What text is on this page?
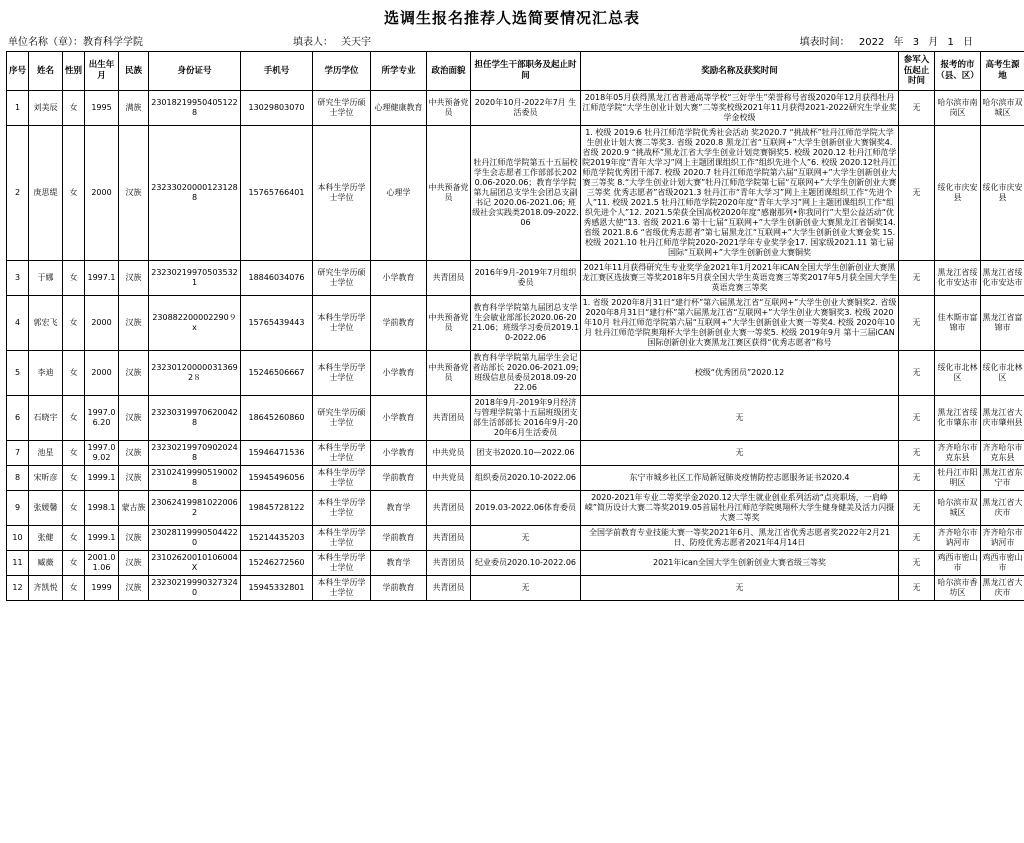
选调生报名推荐人选简要情况汇总表
单位名称（章）： 教育科学学院	填表人： 关天宇	填表时间： 2022 年 3 月 1 日
序号	姓名	性别	出生年月	民族	身份证号	手机号	学历学位	所学专业	政治面貌	担任学生干部职务及起止时间	奖励名称及获奖时间	参军入伍起止时间	报考的市（县、区）	高考生源地
1	刘美辰	女	1995	满族	230182199504051228	13029803070	研究生学历硕士学位	心理健康教育	中共预备党员	2020年10月-2022年7月 生活委员	2018年05月获得黑龙江省普通高等学校“三好学生”荣誉称号省级2020年12月获得牡丹江师范学院“大学生创业计划大赛”二等奖校级2021年11月获得2021-2022研究生学业奖学金校级	无	哈尔滨市南岗区	哈尔滨市双城区
2	庚思缇	女	2000	汉族	232330200001231288	15765766401	本科生学历学士学位	心理学	中共预备党员	牡丹江师范学院第五十五届校学生会志愿者工作部部长2020.06-2020.06；教育学学院第九届团总支学生会团总支副书记 2020.06-2021.06; 班级社会实践类2018.09-2022.06	1. 校级 2019.6 牡丹江师范学院优秀社会活动 奖2020.7 “挑战杯”牡丹江师范学院大学生创业计划大赛二等奖3. 省级 2020.8 黑龙江省“互联网+”大学生创新创业大赛铜奖4. 省级 2020.9 “挑战杯”黑龙江省大学生创业计划竞赛铜奖5. 校级 2020.12 牡丹江师范学院2019年度“青年大学习”网上主题团课组织工作“组织先进个人”6. 校级 2020.12牡丹江师范学院优秀团干部7. 校级 2020.7 牡丹江师范学院第六届“互联网+”大学生创新创业大赛三等奖 8.“大学生创业计划大赛”牡丹江师范学院第七届“互联网+”大学生创新创业大赛三等奖 优秀志愿者”省级2021.3 牡丹江市“青年大学习”网上主题团课组织工作“先进个人”11. 校级 2021.5 牡丹江师范学院2020年度“青年大学习”网上主题团课组织工作“组织先进个人”12. 2021.5荣获全国高校2020年度“感谢那列•你我同行”大型公益活动“优秀感恩大使”13. 省级 2021.6 第十七届“互联网+”大学生创新创业大赛黑龙江省铜奖14. 省级 2021.8.6 “省级优秀志愿者”第七届黑龙江“互联网+”大学生创新创业大赛金奖 15. 校级 2021.10 牡丹江师范学院2020-2021学年专业奖学金17. 国家级2021.11 第七届国际“互联网+”大学生创新创业大赛铜奖	无	绥化市庆安县	绥化市庆安县
3	于娜	女	1997.1	汉族	232302199705035321	18846034076	研究生学历硕士学位	小学教育	共青团员	2016年9月-2019年7月组织委员	2021年11月获得研究生专业奖学金2021年1月2021年iCAN全国大学生创新创业大赛黑龙江赛区选拔赛三等奖2018年5月获全国大学生英语竞赛三等奖2017年5月获全国大学生英语竞赛三等奖	无	黑龙江省绥化市安达市	黑龙江省绥化市安达市
4	郭宏飞	女	2000	汉族	230882200002290９x	15765439443	本科生学历学士学位	学前教育	中共预备党员	教育科学学院第九届团总支学生会敏业部部长2020.06-2021.06；班级学习委员2019.10-2022.06	1. 省级 2020年8月31日“建行杯”第六届黑龙江省“互联网+”大学生创业大赛铜奖2. 省级 2020年8月31日“建行杯”第六届黑龙江省“互联网+”大学生创业大赛铜奖3. 校级 2020年10月 牡丹江师范学院第六届“互联网+”大学生创新创业大赛一等奖4. 校级 2020年10月 牡丹江师范学院奥翔杯大学生创新创业大赛一等奖5. 校级 2019年9月 第十三届iCAN国际创新创业大赛黑龙江赛区获得“优秀志愿者”称号	无	佳木斯市富锦市	黑龙江省富锦市
5	李迪	女	2000	汉族	232301200000313692８	15246506667	本科生学历学士学位	小学教育	中共预备党员	教育科学学院第九届学生会记者站部长 2020.06-2021.09; 班级信息员委员2018.09-2022.06	校级“优秀团员”2020.12	无	绥化市北林区	绥化市北林区
6	石晓宇	女	1997.06.20	汉族	232303199706200428	18645260860	研究生学历硕士学位	小学教育	共青团员	2018年9月-2019年9月经济与管理学院第十五届班级团支部生活部部长 2016年9月-2020年6月生活委员	无	无	黑龙江省绥化市肇东市	黑龙江省大庆市肇州县
7	池星	女	1997.09.02	汉族	232302199709020248	15946471536	本科生学历学士学位	小学教育	中共党员	团支书2020.10—2022.06	无	无	齐齐哈尔市克东县	齐齐哈尔市克东县
8	宋昕彦	女	1999.1	汉族	231024199905190028	15945496056	本科生学历学士学位	学前教育	中共党员	组织委员2020.10-2022.06	东宁市城乡社区工作局新冠肺炎疫情防控志愿服务证书2020.4	无	牡丹江市阳明区	黑龙江省东宁市
9	张媛馨	女	1998.1	蒙古族	230624199810220062	19845728122	本科生学历学士学位	教育学	共青团员	2019.03-2022.06体育委员	2020-2021年专业二等奖学金2020.12大学生就业创业系列活动“点亮职场，一肩峥嵘”简历设计大赛二等奖2019.05首届牡丹江师范学院奥翔杯大学生健身健美及活力闪摄大赛二等奖	无	哈尔滨市双城区	黑龙江省大庆市
10	张健	女	1999.1	汉族	230281199905044220	15214435203	本科生学历学士学位	学前教育	共青团员	无	全国学前教育专业技能大赛一等奖2021年6月、黑龙江省优秀志愿者奖2022年2月21日、防疫优秀志愿者2021年4月14日	无	齐齐哈尔市讷河市	齐齐哈尔市讷河市
11	臧薇	女	2001.01.06	汉族	23102620010106004X	15246272560	本科生学历学士学位	教育学	共青团员	纪业委员2020.10-2022.06	2021年ican全国大学生创新创业大赛省级三等奖	无	鸡西市密山市	鸡西市密山市
12	齐凯悦	女	1999	汉族	232302199903273240	15945332801	本科生学历学士学位	学前教育	共青团员	无	无	无	哈尔滨市香坊区	黑龙江省大庆市
